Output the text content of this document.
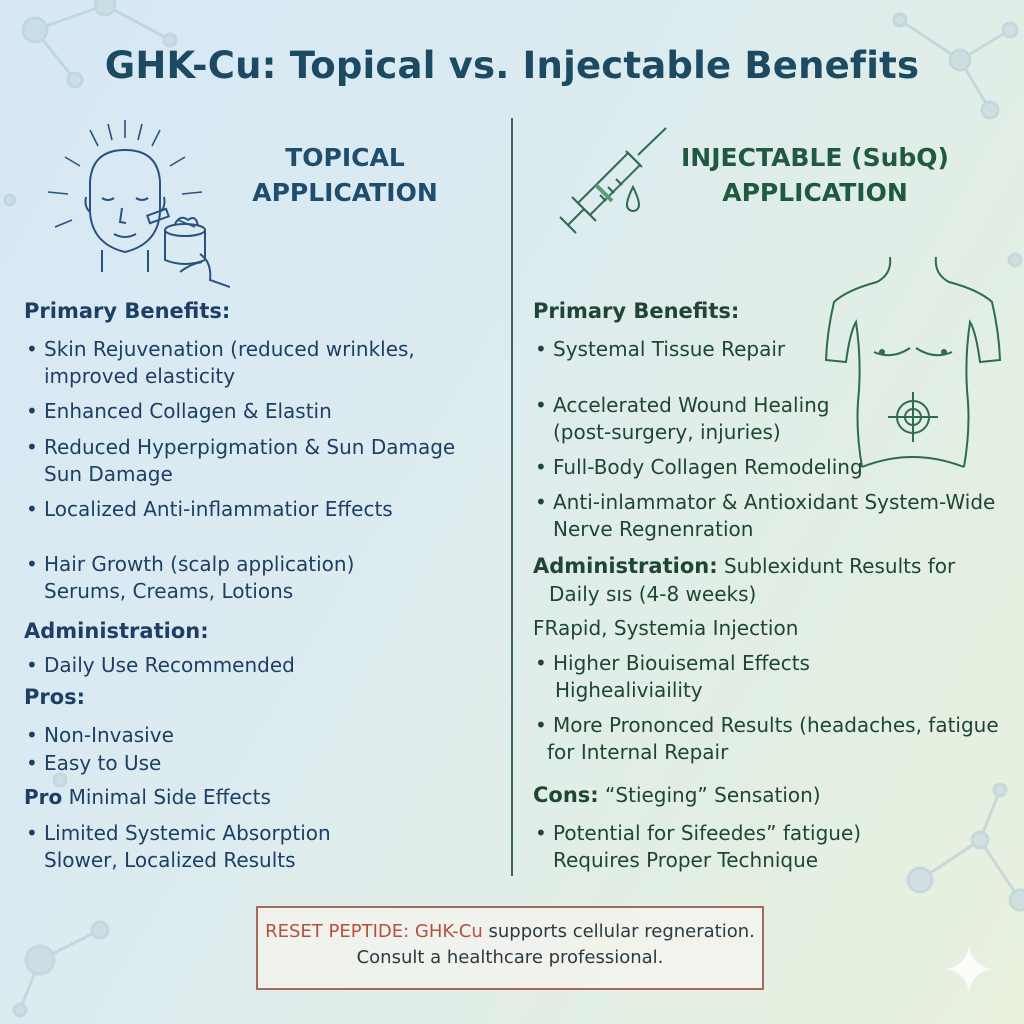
GHK-Cu: Topical vs. Injectable Benefits
TOPICAL
APPLICATION
INJECTABLE (SubQ)
APPLICATION
Primary Benefits:
• Skin Rejuvenation (reduced wrinkles,
improved elasticity
• Enhanced Collagen & Elastin
• Reduced Hyperpigmation & Sun Damage
Sun Damage
• Localized Anti-inflammatior Effects
• Hair Growth (scalp application)
Serums, Creams, Lotions
Administration:
• Daily Use Recommended
Pros:
• Non-Invasive
• Easy to Use
Pro Minimal Side Effects
• Limited Systemic Absorption
Slower, Localized Results
Primary Benefits:
• Systemal Tissue Repair
• Accelerated Wound Healing
(post-surgery, injuries)
• Full-Body Collagen Remodeling
• Anti-inlammator & Antioxidant System-Wide
Nerve Regnenration
Administration: Sublexidunt Results for
Daily sıs (4-8 weeks)
FRapid, Systemia Injection
• Higher Biouisemal Effects
Highealiviaility
• More Prononced Results (headaches, fatigue
for Internal Repair
Cons: “Stieging” Sensation)
• Potential for Sifeedes” fatigue)
Requires Proper Technique
RESET PEPTIDE: GHK-Cu supports cellular regneration.
Consult a healthcare professional.
